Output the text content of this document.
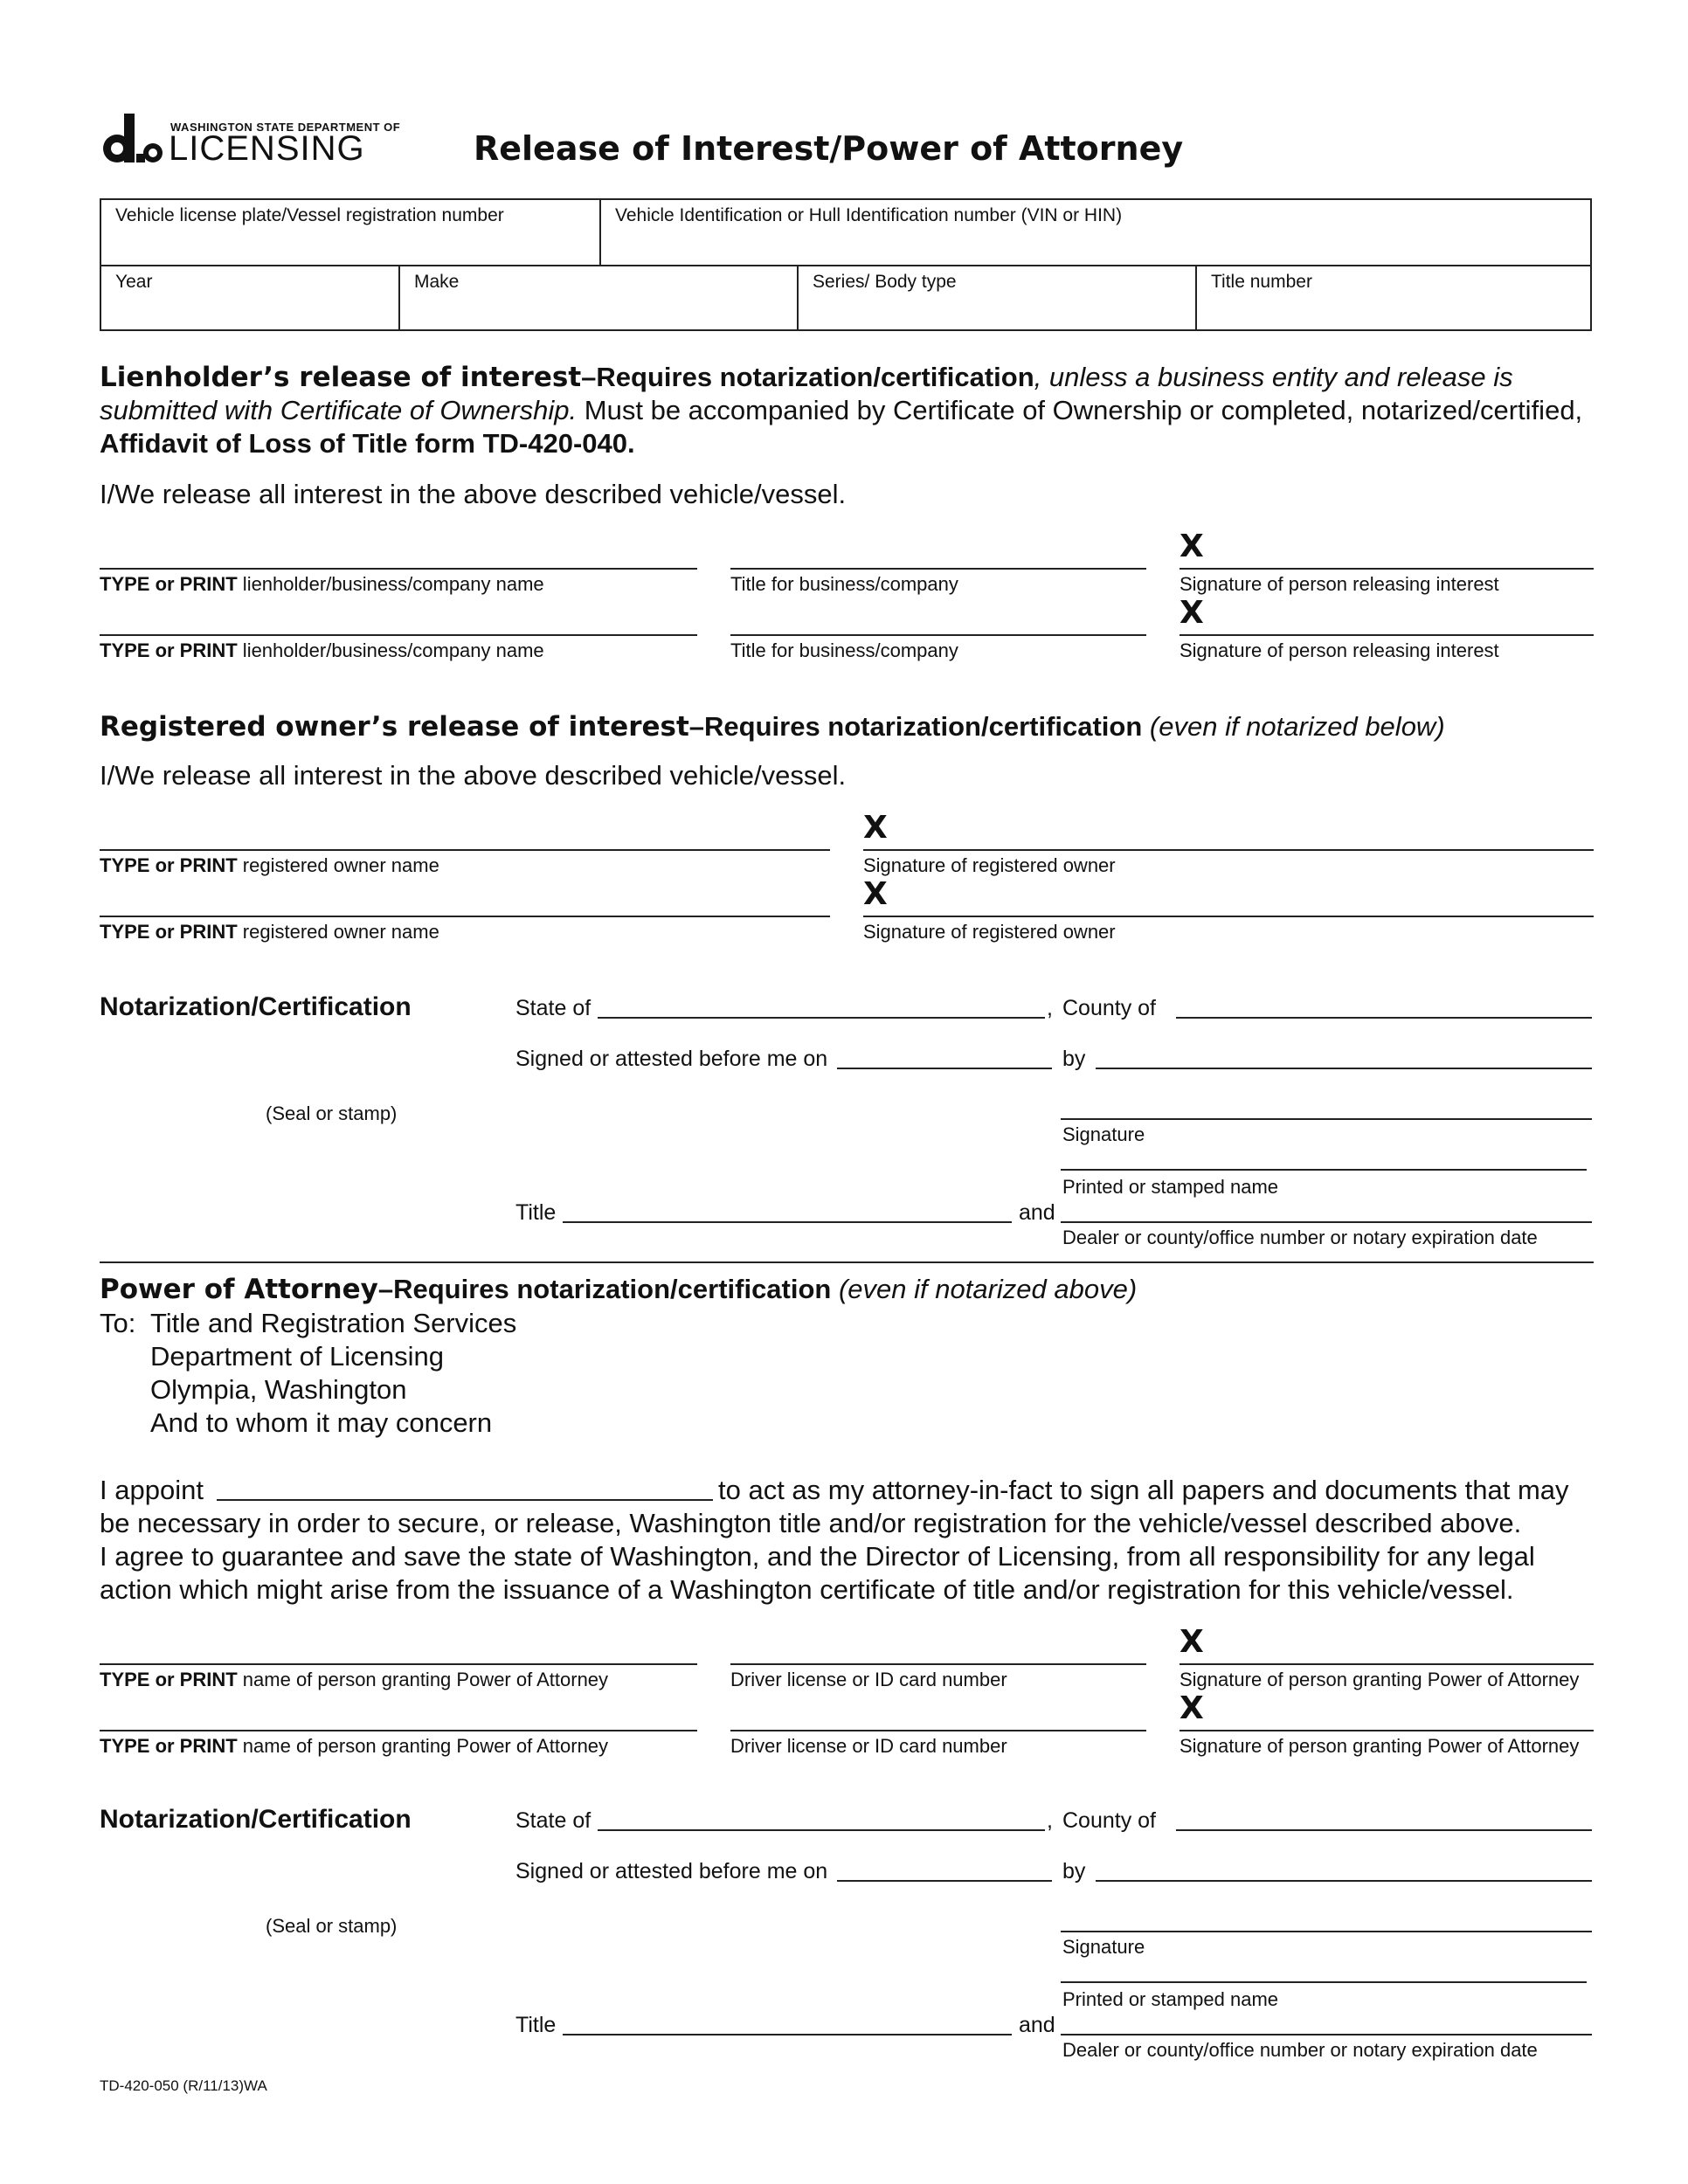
WASHINGTON STATE DEPARTMENT OF
LICENSING	Release of Interest/Power of Attorney
Vehicle license plate/Vessel registration number	Vehicle Identification or Hull Identification number (VIN or HIN)
Year	Make	Series/ Body type	Title number
Lienholder’s release of interest–Requires notarization/certification, unless a business entity and release is
submitted with Certificate of Ownership. Must be accompanied by Certificate of Ownership or completed, notarized/certified,
Affidavit of Loss of Title form TD-420-040.
I/We release all interest in the above described vehicle/vessel.
TYPE or PRINT lienholder/business/company name	Title for business/company
X
Signature of person releasing interest
TYPE or PRINT lienholder/business/company name	Title for business/company
X
Signature of person releasing interest
Registered owner’s release of interest–Requires notarization/certification (even if notarized below)
I/We release all interest in the above described vehicle/vessel.
TYPE or PRINT registered owner name
X
Signature of registered owner
TYPE or PRINT registered owner name
X
Signature of registered owner
Notarization/Certification	State of	, County of
Signed or attested before me on	by
(Seal or stamp)
Signature
Printed or stamped name
Title	and
Dealer or county/office number or notary expiration date
Power of Attorney–Requires notarization/certification (even if notarized above)
To: Title and Registration Services
Department of Licensing
Olympia, Washington
And to whom it may concern
I appoint	to act as my attorney-in-fact to sign all papers and documents that may
be necessary in order to secure, or release, Washington title and/or registration for the vehicle/vessel described above.
I agree to guarantee and save the state of Washington, and the Director of Licensing, from all responsibility for any legal
action which might arise from the issuance of a Washington certificate of title and/or registration for this vehicle/vessel.
TYPE or PRINT name of person granting Power of Attorney	Driver license or ID card number
X
Signature of person granting Power of Attorney
TYPE or PRINT name of person granting Power of Attorney	Driver license or ID card number
X
Signature of person granting Power of Attorney
Notarization/Certification	State of	, County of
Signed or attested before me on	by
(Seal or stamp)
Signature
Printed or stamped name
Title	and
Dealer or county/office number or notary expiration date
TD-420-050 (R/11/13)WA
